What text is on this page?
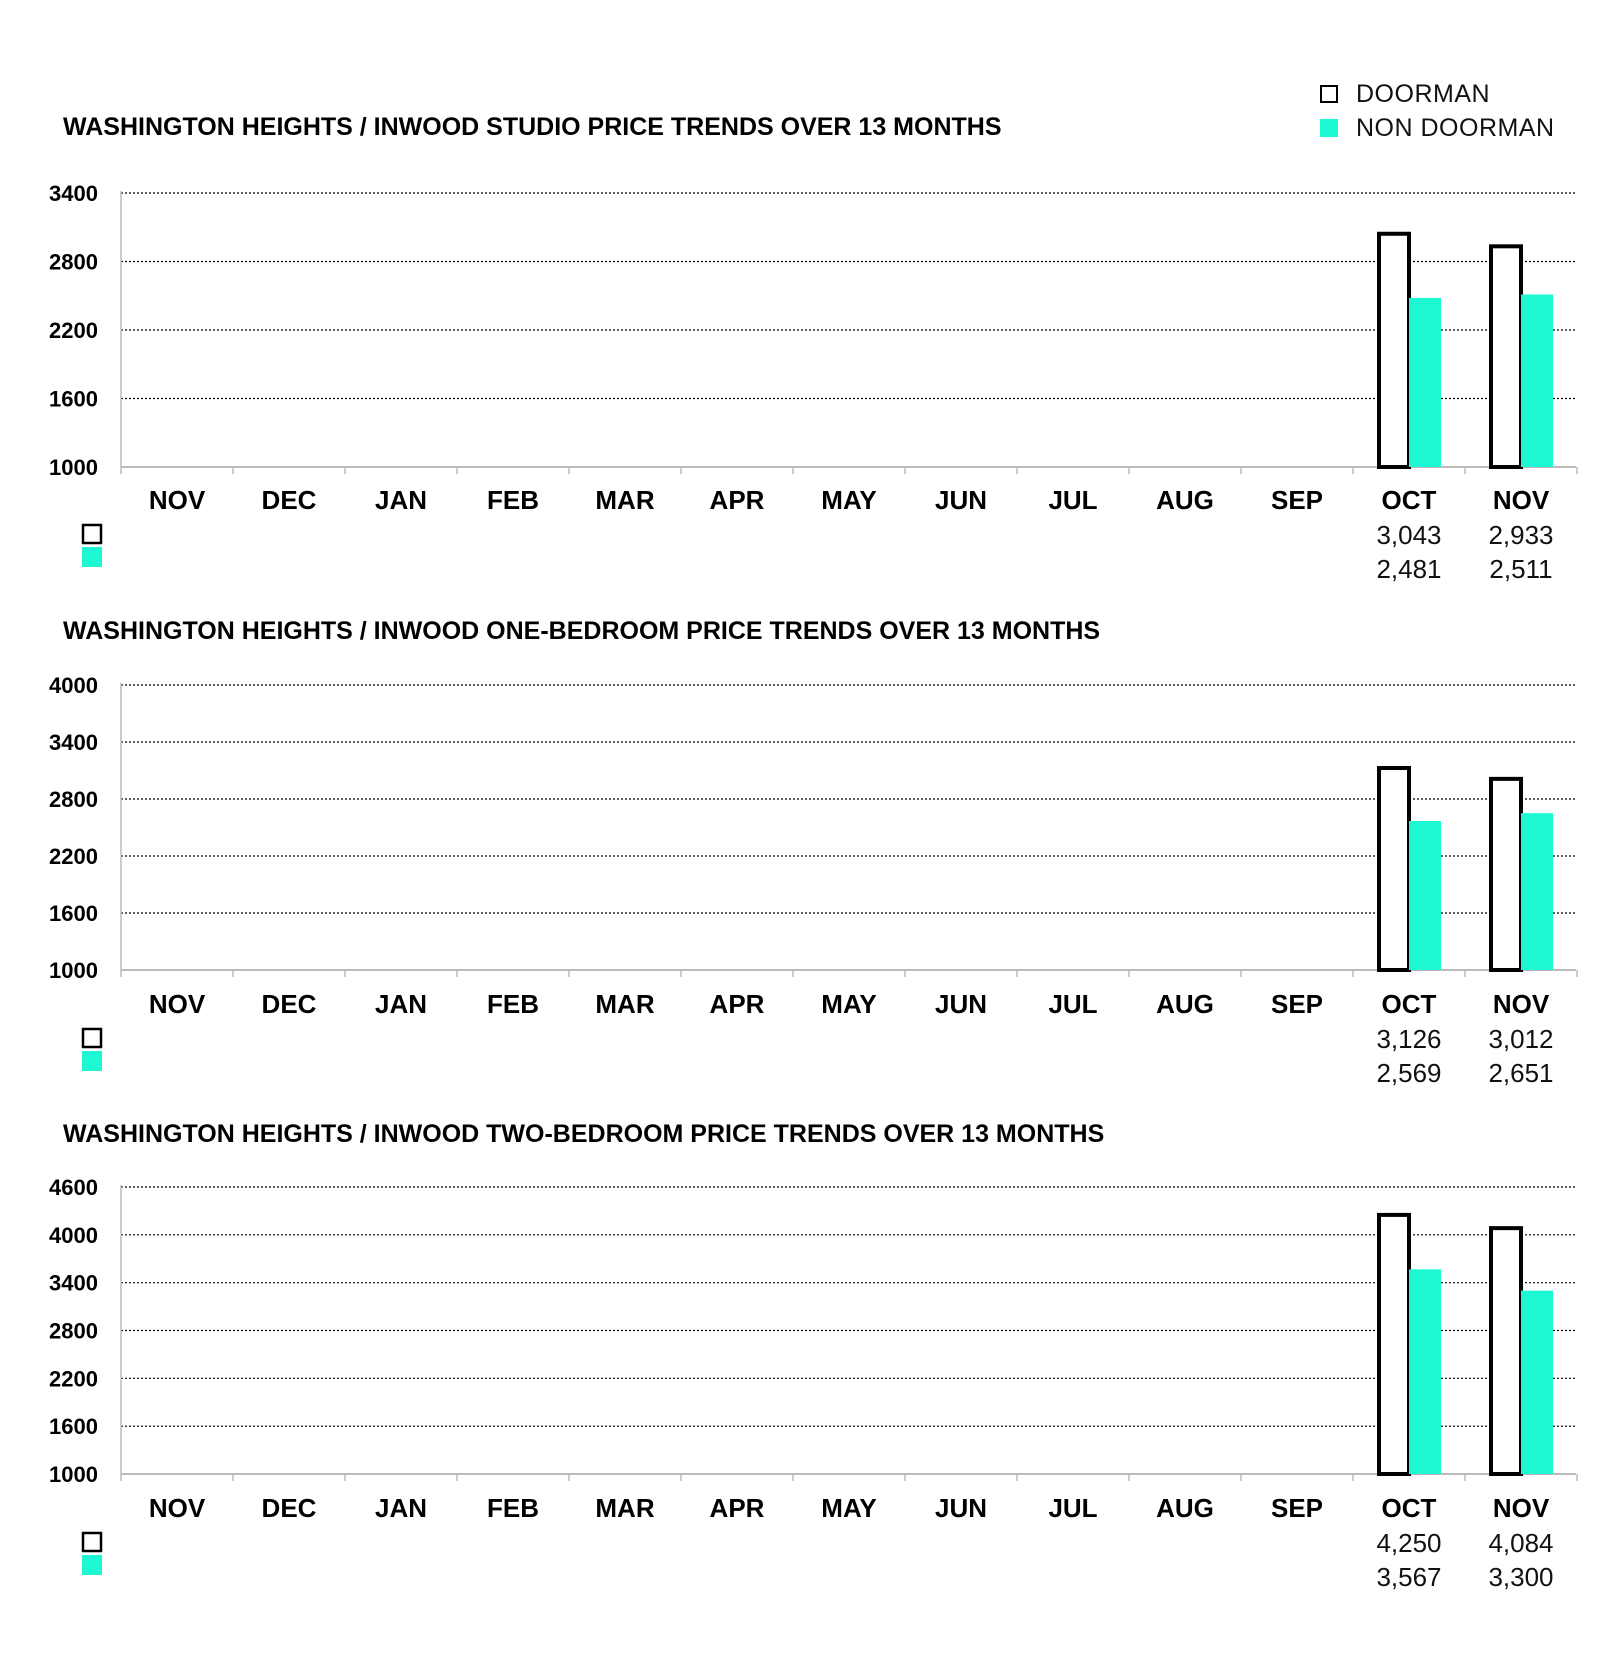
WASHINGTON HEIGHTS / INWOOD STUDIO PRICE TRENDS OVER 13 MONTHS
1000
1600
2200
2800
3400
NOV DEC JAN FEB MAR APR MAY JUN JUL AUG SEP OCT NOV
3,043
2,481
2,933
2,511
WASHINGTON HEIGHTS / INWOOD ONE-BEDROOM PRICE TRENDS OVER 13 MONTHS
1000
1600
2200
2800
3400
4000
NOV DEC JAN FEB MAR APR MAY JUN JUL AUG SEP OCT NOV
3,126
2,569
3,012
2,651
WASHINGTON HEIGHTS / INWOOD TWO-BEDROOM PRICE TRENDS OVER 13 MONTHS
1000
1600
2200
2800
3400
4000
4600
NOV DEC JAN FEB MAR APR MAY JUN JUL AUG SEP OCT NOV
4,250
3,567
4,084
3,300
DOORMAN
NON DOORMAN
